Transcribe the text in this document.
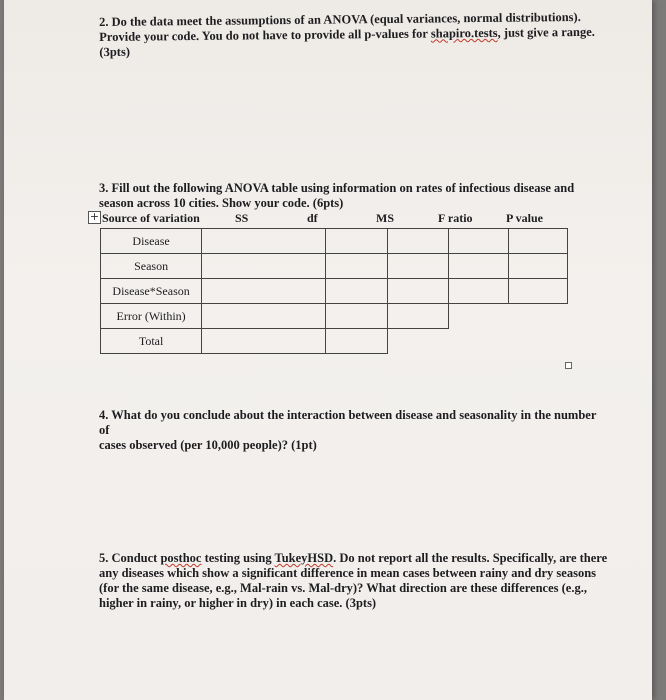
2. Do the data meet the assumptions of an ANOVA (equal variances, normal distributions).

Provide your code. You do not have to provide all p-values for shapiro.tests, just give a range.

(3pts)

3. Fill out the following ANOVA table using information on rates of infectious disease and

season across 10 cities. Show your code. (6pts)

+ Source of variation	SS	df	MS	F ratio	P value
Disease					
Season					
Disease*Season					
Error (Within)					
Total					

4. What do you conclude about the interaction between disease and seasonality in the number of

cases observed (per 10,000 people)? (1pt)

5. Conduct posthoc testing using TukeyHSD. Do not report all the results. Specifically, are there

any diseases which show a significant difference in mean cases between rainy and dry seasons

(for the same disease, e.g., Mal-rain vs. Mal-dry)? What direction are these differences (e.g.,

higher in rainy, or higher in dry) in each case. (3pts)
